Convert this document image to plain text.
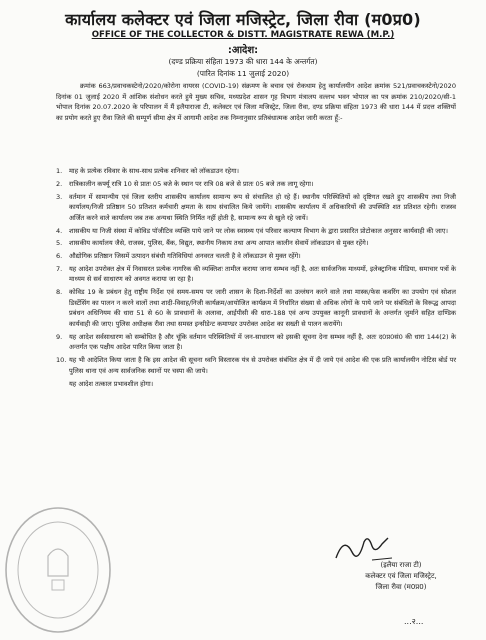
कार्यालय कलेक्टर एवं जिला मजिस्ट्रेट, जिला रीवा (म0प्र0)
OFFICE OF THE COLLECTOR & DISTT. MAGISTRATE REWA (M.P.)
:आदेश:
(दण्ड प्रक्रिया संहिता 1973 की धारा 144 के अन्तर्गत)
(पारित दिनांक 11 जुलाई 2020)
क्रमांक 663/प्रवाचकस्टेनो/2020/कोरोना वायरस (COVID-19) संक्रमण के बचाव एवं रोकथाम हेतु कार्यालयीन आदेश क्रमांक 521/प्रवाचकस्टेनो/2020 दिनांक 01 जुलाई 2020 में आंशिक संशोधन करते हुये मुख्य सचिव, मध्यप्रदेश शासन गृह विभाग मंत्रालय वल्लभ भवन भोपाल का पत्र क्रमांक 210/2020/सी-1 भोपाल दिनांक 20.07.2020 के परिपालन में मैं इलैयाराजा टी, कलेक्टर एवं जिला मजिस्ट्रेट, जिला रीवा, दण्ड प्रक्रिया संहिता 1973 की धारा 144 में प्रदत्त शक्तियों का प्रयोग करते हुए रीवा जिले की सम्पूर्ण सीमा क्षेत्र में आगामी आदेश तक निम्नानुसार प्रतिबंधात्मक आदेश जारी करता हूँ:-
1.	माह के प्रत्येक रविवार के साथ-साथ प्रत्येक शनिवार को लॉकडाउन रहेगा।
2.	रात्रिकालीन कर्फ्यू रात्रि 10 से प्रातः 05 बजे के स्थान पर रात्रि 08 बजे से प्रातः 05 बजे तक लागू रहेगा।
3.	वर्तमान में सामान्यीय एवं जिला स्तरीय शासकीय कार्यालय सामान्य रूप से संचालित हो रहे हैं। स्थानीय परिस्थितियों को दृष्टिगत रखते हुए शासकीय तथा निजी कार्यालय/निजी प्रतिष्ठान 50 प्रतिशत कर्मचारी क्षमता के साथ संचालित किये जायेंगे। शासकीय कार्यालय में अधिकारियों की उपस्थिति शत प्रतिशत रहेगी। राजस्व अर्जित करने वाले कार्यालय जब तक अन्यथा स्थिति निर्मित नहीं होती है, सामान्य रूप से खुले रहे जायें।
4.	शासकीय या निजी संस्था में कोविड पॉजीटिव व्यक्ति पाये जाने पर लोक स्वास्थ्य एवं परिवार कल्याण विभाग के द्वारा प्रसारित प्रोटोकाल अनुसार कार्यवाही की जाए।
5.	शासकीय कार्यालय जैसे, राजस्व, पुलिस, बैंक, विद्युत, स्थानीय निकाय तथा अन्य आपात कालीन सेवायें लॉकडाउन से मुक्त रहेंगे।
6.	औद्योगिक प्रतिष्ठान जिसमें उत्पादन संबंधी गतिविधियां अनवरत चलती है वे लॉकडाउन से मुक्त रहेंगे।
7.	यह आदेश उपरोक्त क्षेत्र में निवासरत प्रत्येक नागरिक की व्यक्तिशः तामील कराया जाना सम्भव नहीं है, अतः सार्वजनिक माध्यमों, इलेक्ट्रानिक मीडिया, समाचार पत्रों के माध्यम से सर्व साधारण को अवगत कराया जा रहा है।
8.	कोविड 19 के प्रबंधन हेतु राष्ट्रीय निर्देश एवं समय-समय पर जारी शासन के दिशा-निर्देशों का उल्लंघन करने वाले तथा मास्क/फेस कवरिंग का उपयोग एवं सोशल डिस्टेंसिंग का पालन न करने वालों तथा शादी-विवाह/निजी कार्यक्रम/आयोजित कार्यक्रम में निर्धारित संख्या से अधिक लोगों के पाये जाने पर संबंधितों के विरूद्ध आपदा प्रबंधन अधिनियम की धारा 51 से 60 के प्रावधानों के अलावा, आईपीसी की धारा-188 एवं अन्य उपयुक्त कानूनी प्रावधानों के अन्तर्गत जुर्माने सहित दाण्डिक कार्यवाही की जाए। पुलिस अधीक्षक रीवा तथा समस्त इन्सीडेन्ट कमाण्डर उपरोक्त आदेश का सख्ती से पालन करायेंगे।
9.	यह आदेश सर्वसाधारण को सम्बोधित है और चूंकि वर्तमान परिस्थितियों में जन-साधारण को इसकी सूचना देना सम्भव नहीं है, अतः द0प्र0सं0 की धारा 144(2) के अन्तर्गत एक पक्षीय आदेश पारित किया जाता है।
10. यह भी आदेशित किया जाता है कि इस आदेश की सूचना ध्वनि विस्तारक यंत्र से उपरोक्त संबंधित क्षेत्र में दी जाये एवं आदेश की एक प्रति कार्यालयीन नोटिस बोर्ड पर पुलिस थाना एवं अन्य सार्वजनिक स्थानों पर चस्पा की जाये।
यह आदेश तत्काल प्रभावशील होगा।
(इलैया राजा टी)
कलेक्टर एवं जिला मजिस्ट्रेट,
जिला रीवा (म0प्र0)
...२...
